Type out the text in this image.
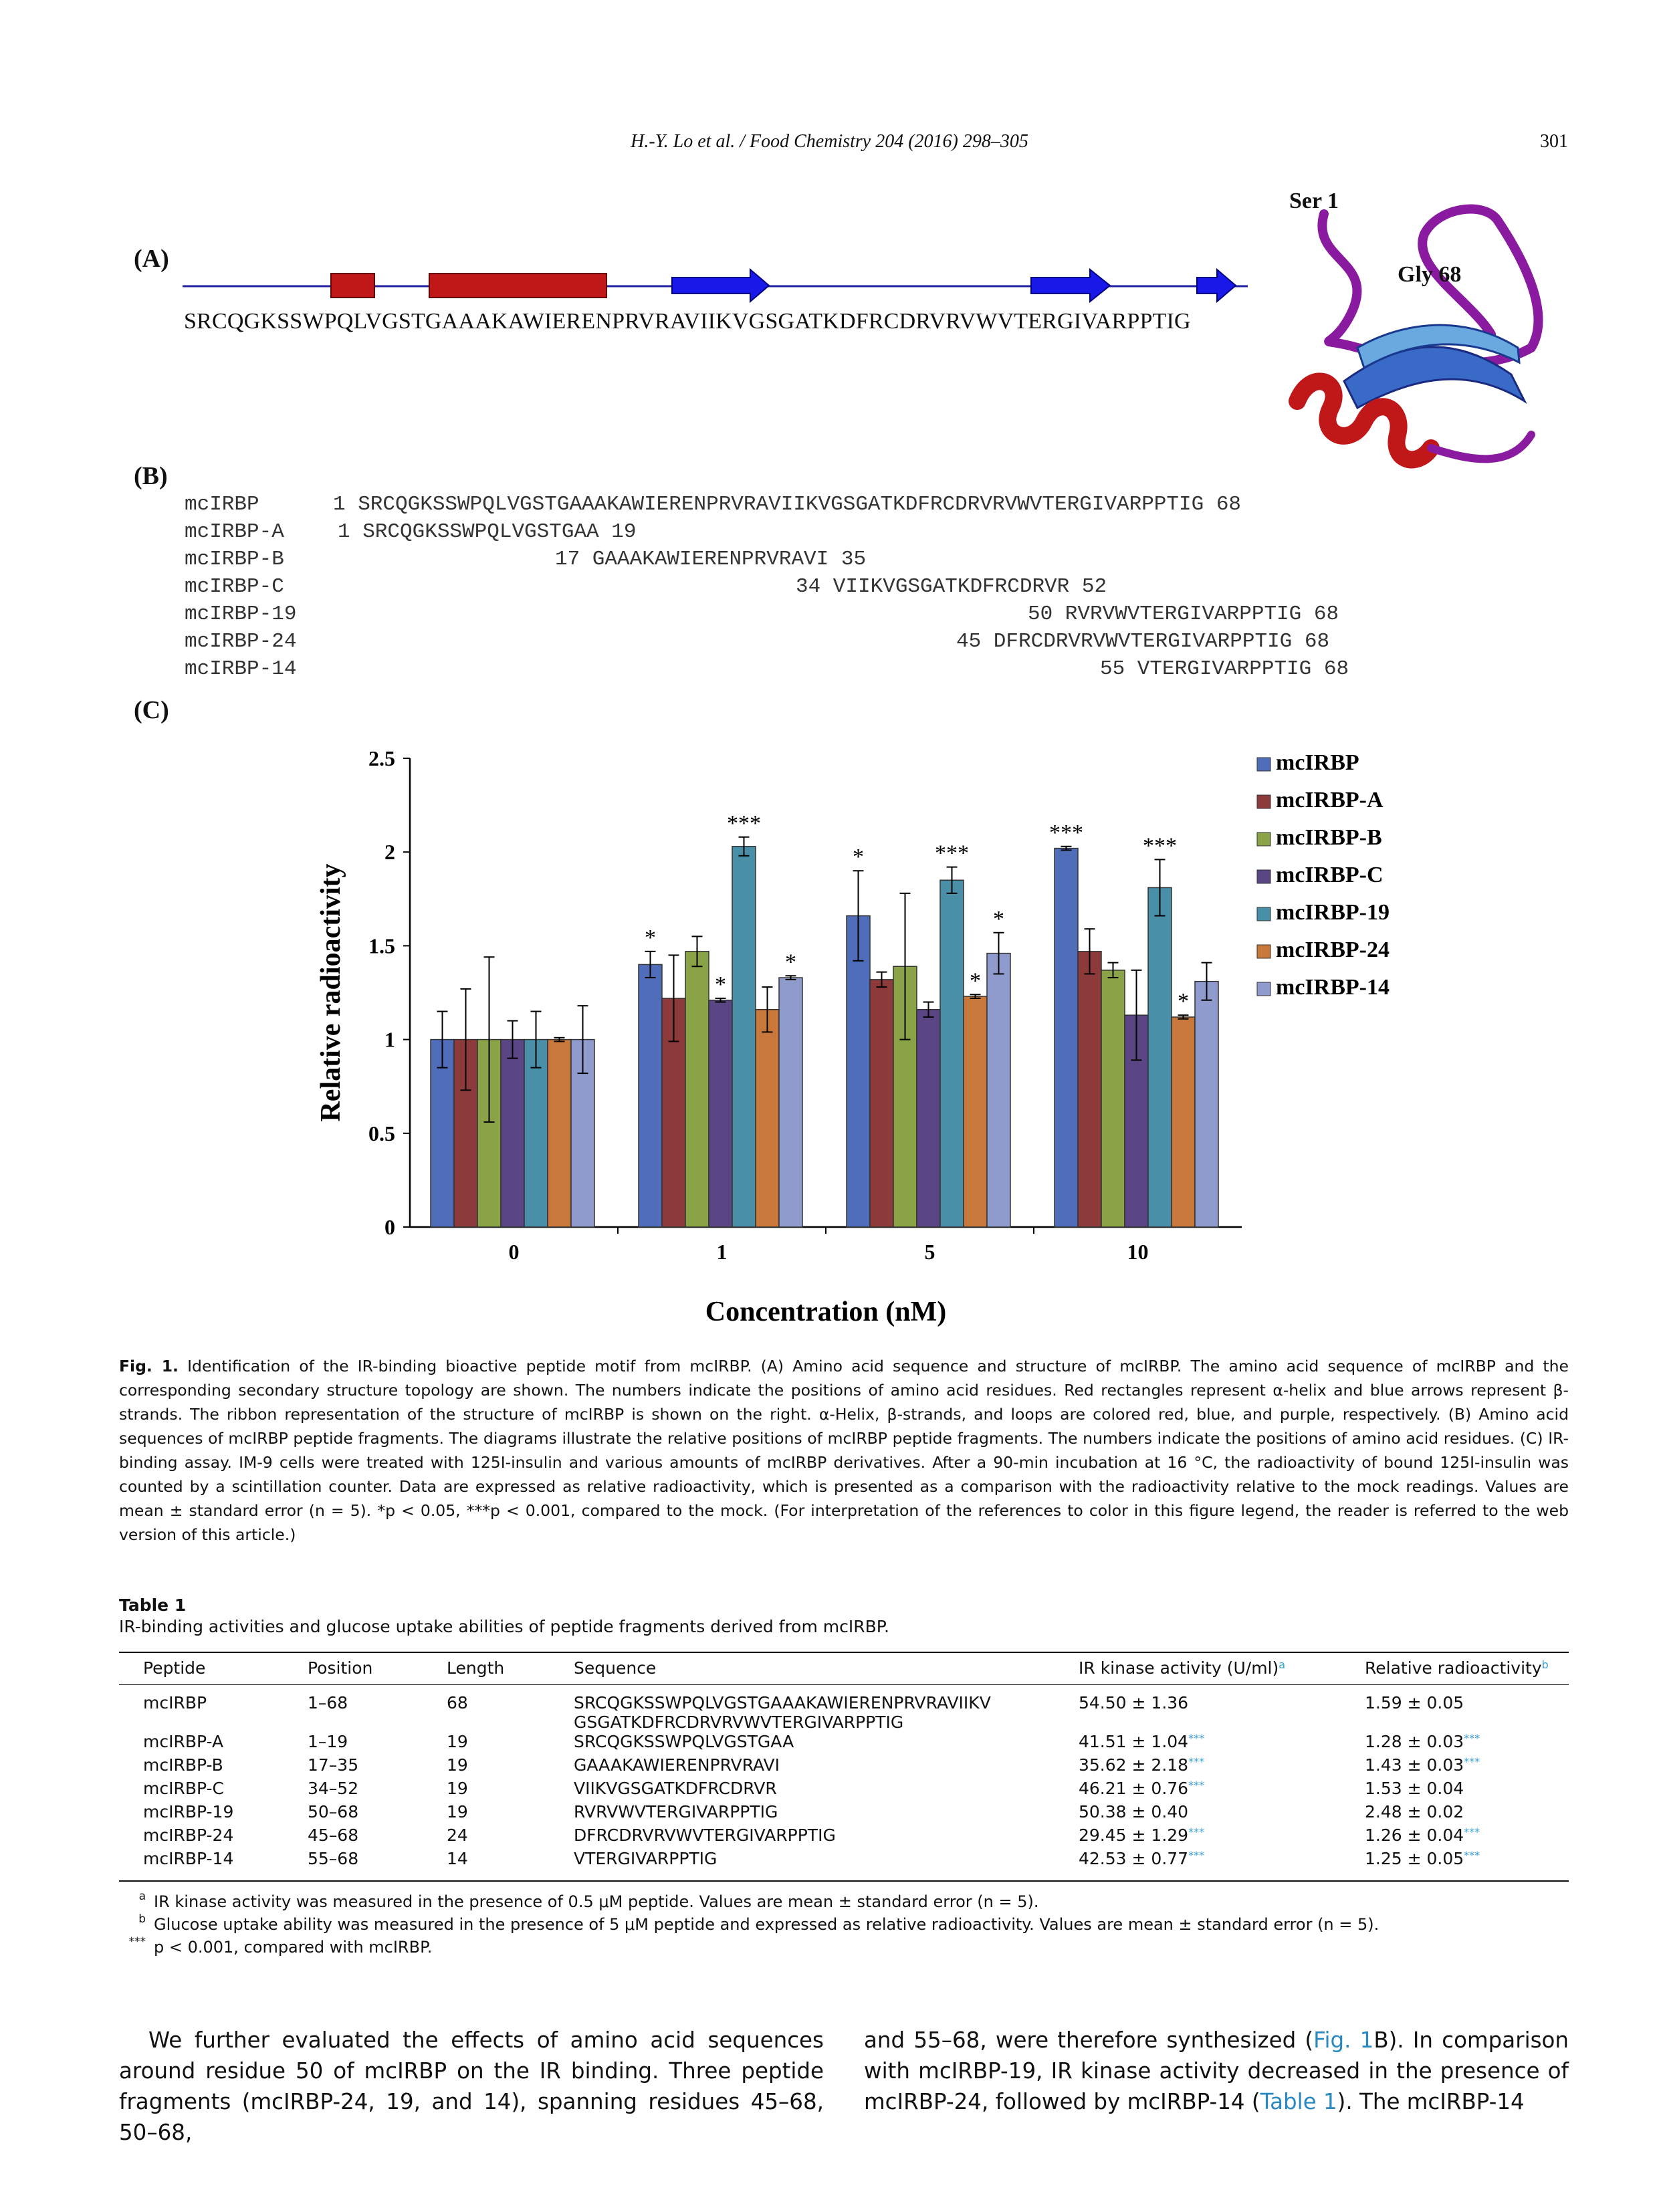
H.-Y. Lo et al. / Food Chemistry 204 (2016) 298–305	301
(A)
SRCQGKSSWPQLVGSTGAAAKAWIERENPRVRAVIIKVGSGATKDFRCDRVRVWVTERGIVARPPTIG
Ser 1
Gly 68
(B)
mcIRBP	1 SRCQGKSSWPQLVGSTGAAAKAWIERENPRVRAVIIKVGSGATKDFRCDRVRVWVTERGIVARPPTIG 68
mcIRBP-A	1 SRCQGKSSWPQLVGSTGAA 19
mcIRBP-B	17 GAAAKAWIERENPRVRAVI 35
mcIRBP-C	34 VIIKVGSGATKDFRCDRVR 52
mcIRBP-19	50 RVRVWVTERGIVARPPTIG 68
mcIRBP-24	45 DFRCDRVRVWVTERGIVARPPTIG 68
mcIRBP-14	55 VTERGIVARPPTIG 68
(C)
0
0.5
1
1.5
2
2.5
0	1
*
*
***
*
5
*	***
*
*
10
***
***
*
Concentration (nM)
Relative radioactivity
mcIRBP
mcIRBP-A
mcIRBP-B
mcIRBP-C
mcIRBP-19
mcIRBP-24
mcIRBP-14
Fig. 1. Identification of the IR-binding bioactive peptide motif from mcIRBP. (A) Amino acid sequence and structure of mcIRBP. The amino acid sequence of mcIRBP and the corresponding secondary structure topology are shown. The numbers indicate the positions of amino acid residues. Red rectangles represent α-helix and blue arrows represent β-strands. The ribbon representation of the structure of mcIRBP is shown on the right. α-Helix, β-strands, and loops are colored red, blue, and purple, respectively. (B) Amino acid sequences of mcIRBP peptide fragments. The diagrams illustrate the relative positions of mcIRBP peptide fragments. The numbers indicate the positions of amino acid residues. (C) IR-binding assay. IM-9 cells were treated with 125I-insulin and various amounts of mcIRBP derivatives. After a 90-min incubation at 16 °C, the radioactivity of bound 125I-insulin was counted by a scintillation counter. Data are expressed as relative radioactivity, which is presented as a comparison with the radioactivity relative to the mock readings. Values are mean ± standard error (n = 5). *p < 0.05, ***p < 0.001, compared to the mock. (For interpretation of the references to color in this figure legend, the reader is referred to the web version of this article.)
Table 1
IR-binding activities and glucose uptake abilities of peptide fragments derived from mcIRBP.
Peptide	Position	Length	Sequence	IR kinase activity $(U/ml)^a$	Relative radioactivity$^b$
mcIRBP	1–68	68	SRCQGKSSWPQLVGSTGAAAKAWIERENPRVRAVIIKV
GSGATKDFRCDRVRVWVTERGIVARPPTIG	54.50 ± 1.36	1.59 ± 0.05
mcIRBP-A	1–19	19	SRCQGKSSWPQLVGSTGAA	41.51 ± 1.04***	1.28 ± 0.03***
mcIRBP-B	17–35	19	GAAAKAWIERENPRVRAVI	35.62 ± 2.18***	1.43 ± 0.03***
mcIRBP-C	34–52	19	VIIKVGSGATKDFRCDRVR	46.21 ± 0.76***	1.53 ± 0.04
mcIRBP-19	50–68	19	RVRVWVTERGIVARPPTIG	50.38 ± 0.40	2.48 ± 0.02
mcIRBP-24	45–68	24	DFRCDRVRVWVTERGIVARPPTIG	29.45 ± 1.29***	1.26 ± 0.04***
mcIRBP-14	55–68	14	VTERGIVARPPTIG	42.53 ± 0.77***	1.25 ± 0.05***
a IR kinase activity was measured in the presence of 0.5 μM peptide. Values are mean ± standard error (n = 5).
b Glucose uptake ability was measured in the presence of 5 μM peptide and expressed as relative radioactivity. Values are mean ± standard error (n = 5).
*** p < 0.001, compared with mcIRBP.
We further evaluated the effects of amino acid sequences around residue 50 of mcIRBP on the IR binding. Three peptide fragments (mcIRBP-24, 19, and 14), spanning residues 45–68, 50–68,
and 55–68, were therefore synthesized (Fig. 1B). In comparison with mcIRBP-19, IR kinase activity decreased in the presence of mcIRBP-24, followed by mcIRBP-14 (Table 1). The mcIRBP-14
